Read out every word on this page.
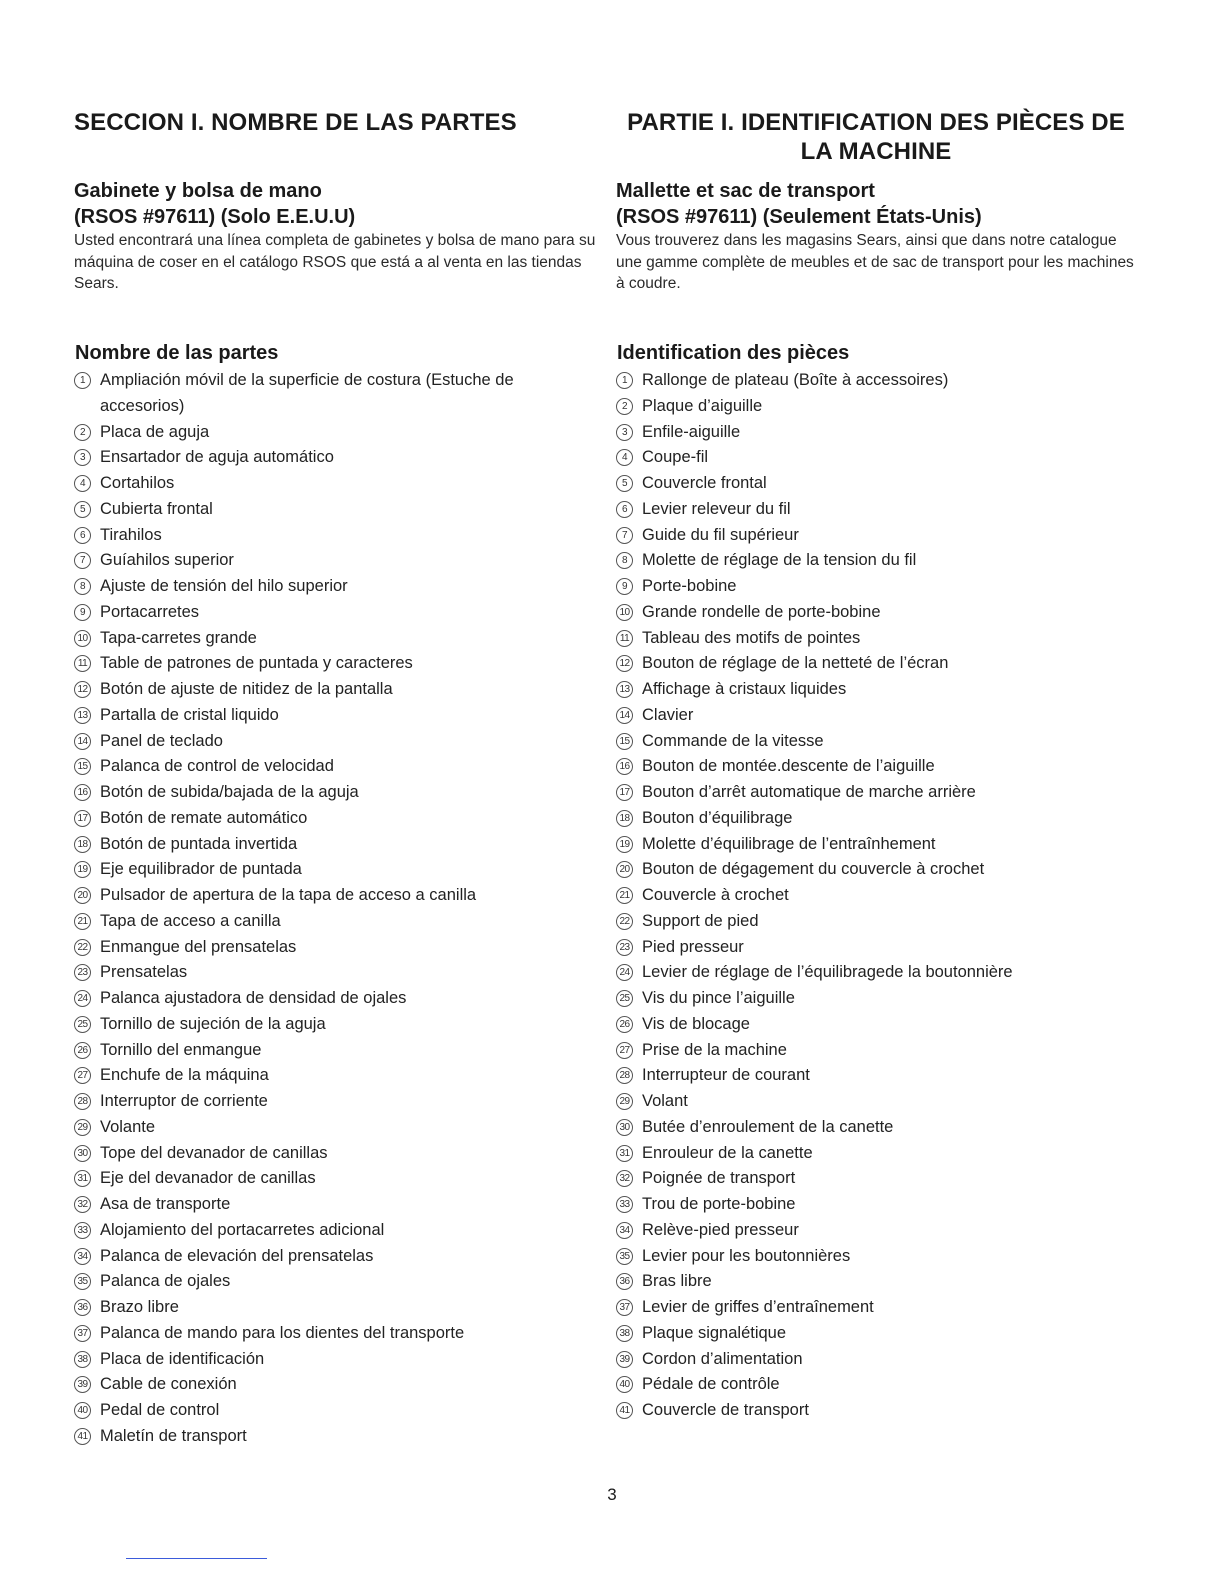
SECCION I. NOMBRE DE LAS PARTES
Gabinete y bolsa de mano
(RSOS #97611) (Solo E.E.U.U)

Usted encontrará una línea completa de gabinetes y bolsa de mano para su máquina de coser en el catálogo RSOS que está a al venta en las tiendas Sears.

Nombre de las partes
1 Ampliación móvil de la superficie de costura (Estuche de accesorios)
2 Placa de aguja
3 Ensartador de aguja automático
4 Cortahilos
5 Cubierta frontal
6 Tirahilos
7 Guíahilos superior
8 Ajuste de tensión del hilo superior
9 Portacarretes
10 Tapa-carretes grande
11 Table de patrones de puntada y caracteres
12 Botón de ajuste de nitidez de la pantalla
13 Partalla de cristal liquido
14 Panel de teclado
15 Palanca de control de velocidad
16 Botón de subida/bajada de la aguja
17 Botón de remate automático
18 Botón de puntada invertida
19 Eje equilibrador de puntada
20 Pulsador de apertura de la tapa de acceso a canilla
21 Tapa de acceso a canilla
22 Enmangue del prensatelas
23 Prensatelas
24 Palanca ajustadora de densidad de ojales
25 Tornillo de sujeción de la aguja
26 Tornillo del enmangue
27 Enchufe de la máquina
28 Interruptor de corriente
29 Volante
30 Tope del devanador de canillas
31 Eje del devanador de canillas
32 Asa de transporte
33 Alojamiento del portacarretes adicional
34 Palanca de elevación del prensatelas
35 Palanca de ojales
36 Brazo libre
37 Palanca de mando para los dientes del transporte
38 Placa de identificación
39 Cable de conexión
40 Pedal de control
41 Maletín de transport
PARTIE I. IDENTIFICATION DES PIÈCES DE
LA MACHINE
Mallette et sac de transport
(RSOS #97611) (Seulement États-Unis)

Vous trouverez dans les magasins Sears, ainsi que dans notre catalogue une gamme complète de meubles et de sac de transport pour les machines à coudre.

Identification des pièces
1 Rallonge de plateau (Boîte à accessoires)
2 Plaque d’aiguille
3 Enfile-aiguille
4 Coupe-fil
5 Couvercle frontal
6 Levier releveur du fil
7 Guide du fil supérieur
8 Molette de réglage de la tension du fil
9 Porte-bobine
10 Grande rondelle de porte-bobine
11 Tableau des motifs de pointes
12 Bouton de réglage de la netteté de l’écran
13 Affichage à cristaux liquides
14 Clavier
15 Commande de la vitesse
16 Bouton de montée.descente de l’aiguille
17 Bouton d’arrêt automatique de marche arrière
18 Bouton d’équilibrage
19 Molette d’équilibrage de l’entraînhement
20 Bouton de dégagement du couvercle à crochet
21 Couvercle à crochet
22 Support de pied
23 Pied presseur
24 Levier de réglage de l’équilibragede la boutonnière
25 Vis du pince l’aiguille
26 Vis de blocage
27 Prise de la machine
28 Interrupteur de courant
29 Volant
30 Butée d’enroulement de la canette
31 Enrouleur de la canette
32 Poignée de transport
33 Trou de porte-bobine
34 Relève-pied presseur
35 Levier pour les boutonnières
36 Bras libre
37 Levier de griffes d’entraînement
38 Plaque signalétique
39 Cordon d’alimentation
40 Pédale de contrôle
41 Couvercle de transport

3
